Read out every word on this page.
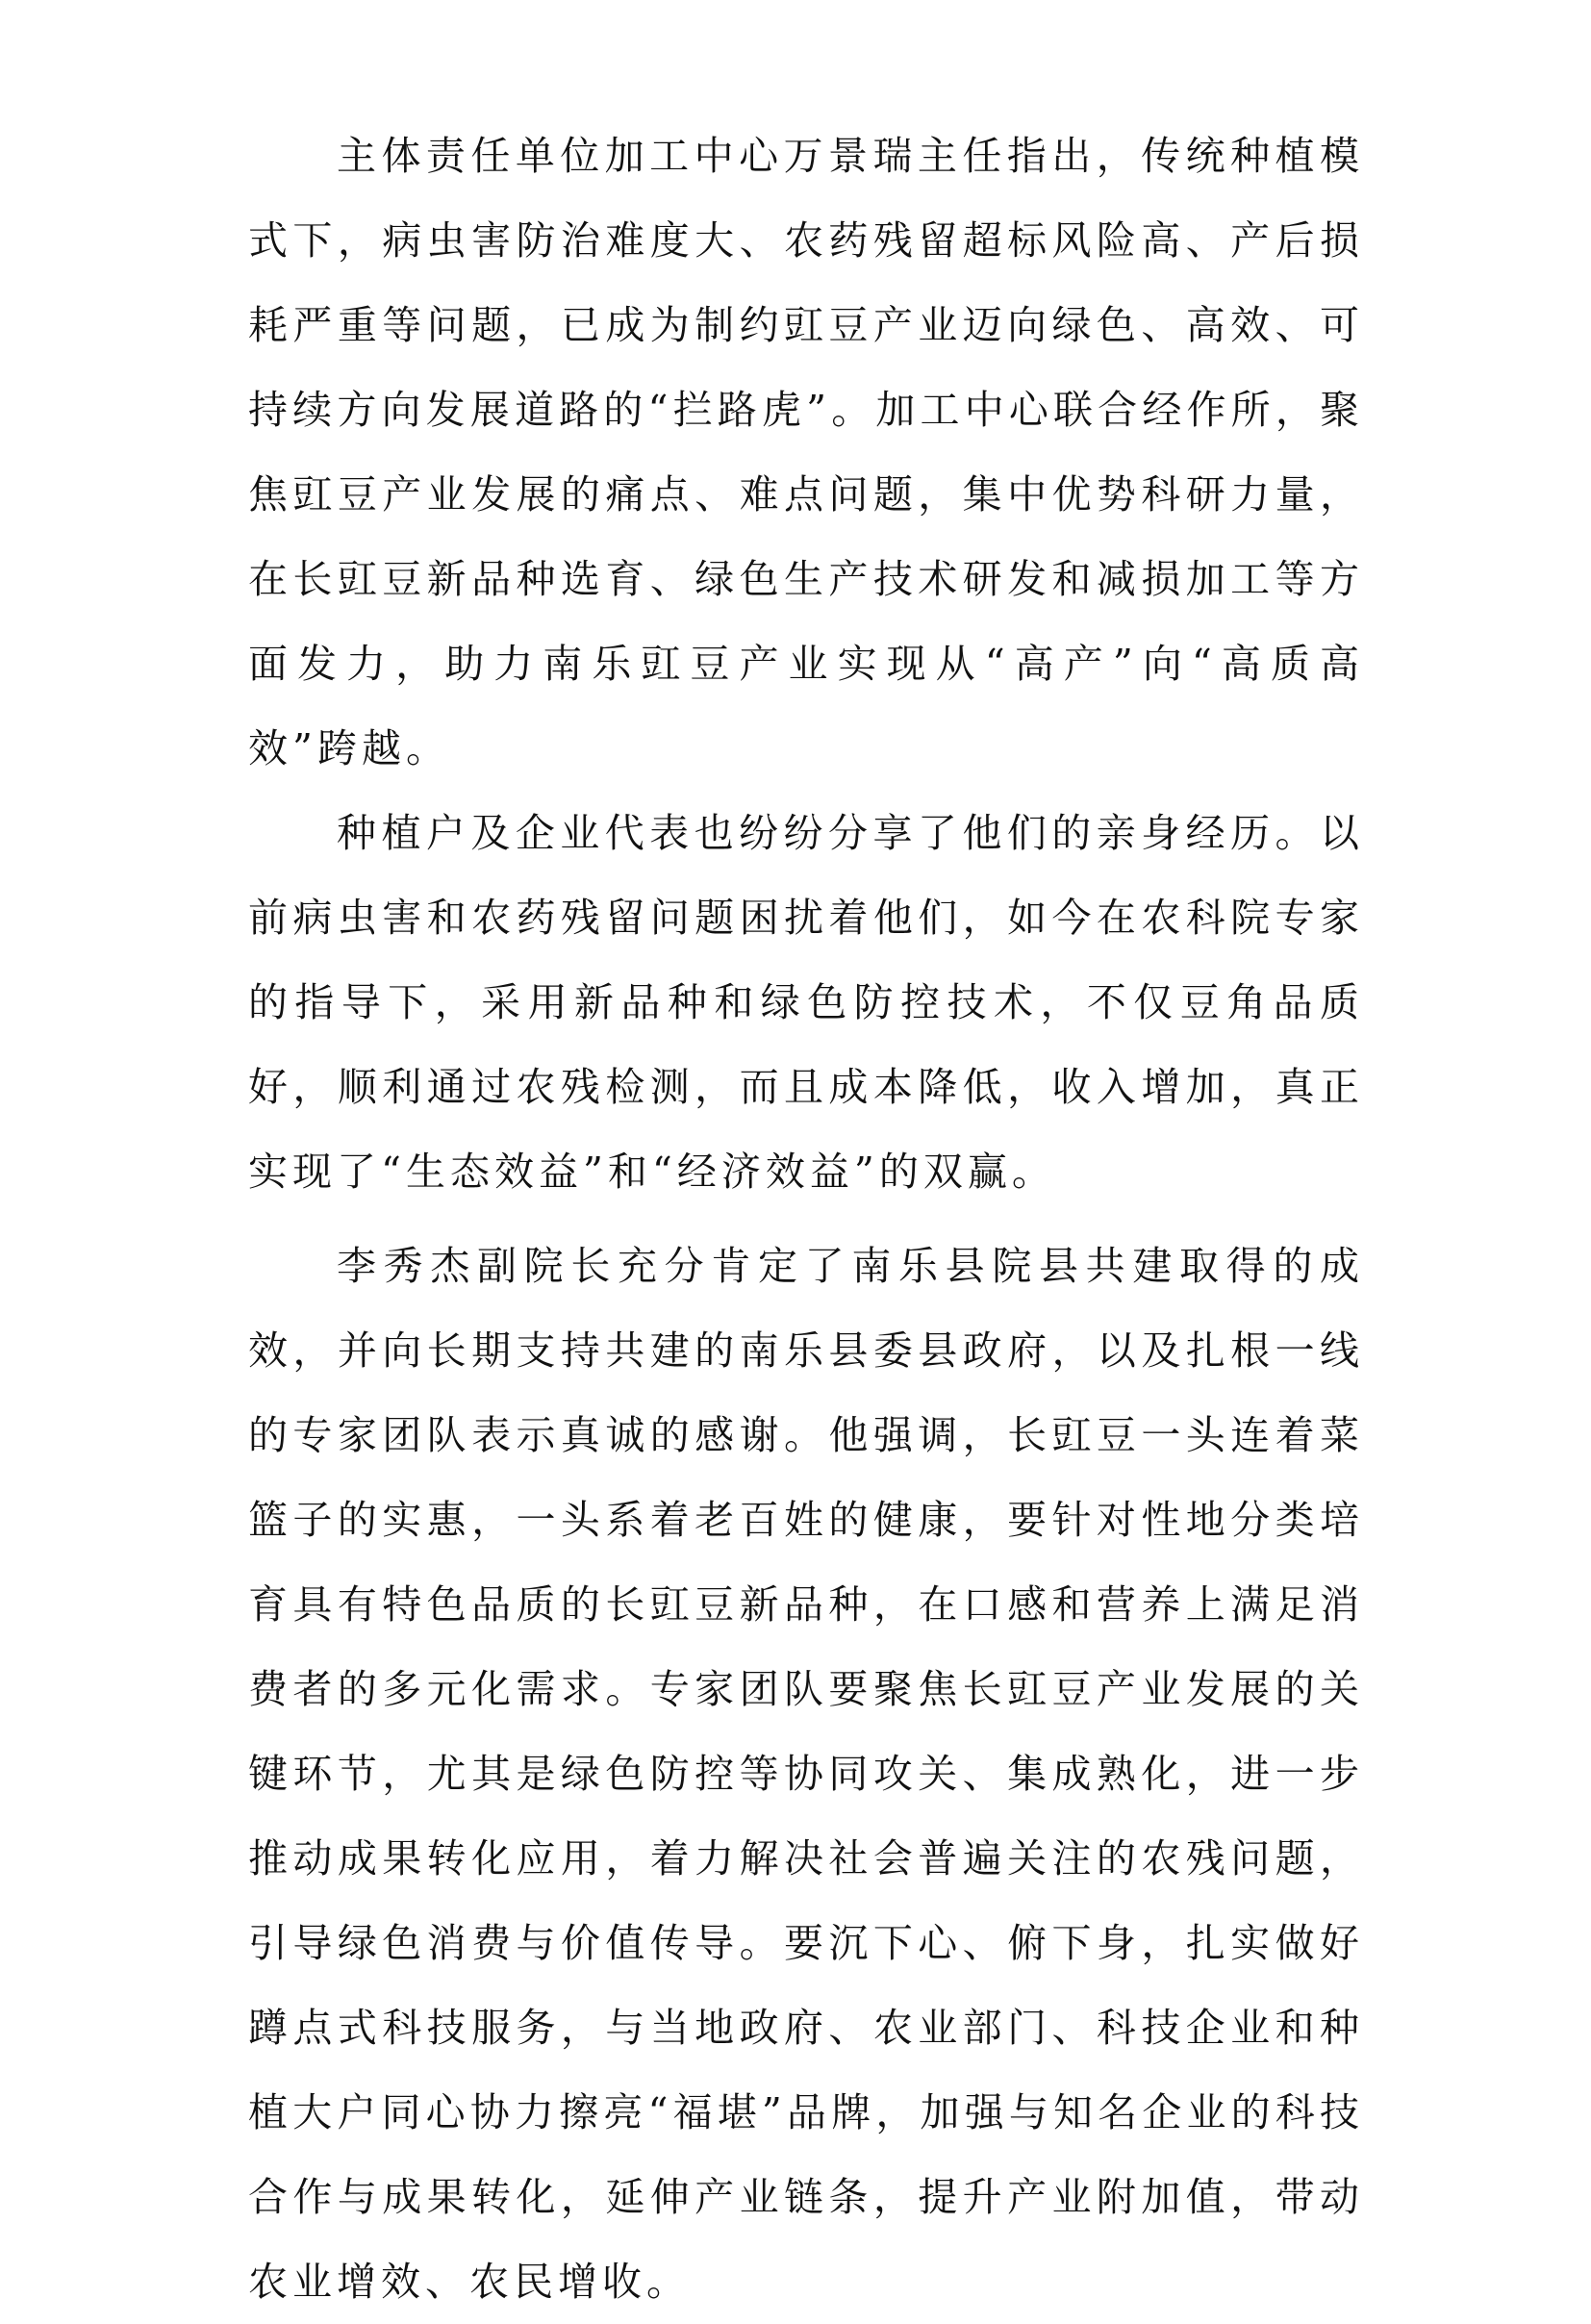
主体责任单位加工中心万景瑞主任指出，传统种植模式下，病虫害防治难度大、农药残留超标风险高、产后损耗严重等问题，已成为制约豇豆产业迈向绿色、高效、可持续方向发展道路的“拦路虎”。加工中心联合经作所，聚焦豇豆产业发展的痛点、难点问题，集中优势科研力量，在长豇豆新品种选育、绿色生产技术研发和减损加工等方面发力，助力南乐豇豆产业实现从“高产”向“高质高效”跨越。

种植户及企业代表也纷纷分享了他们的亲身经历。以前病虫害和农药残留问题困扰着他们，如今在农科院专家的指导下，采用新品种和绿色防控技术，不仅豆角品质好，顺利通过农残检测，而且成本降低，收入增加，真正实现了“生态效益”和“经济效益”的双赢。

李秀杰副院长充分肯定了南乐县院县共建取得的成效，并向长期支持共建的南乐县委县政府，以及扎根一线的专家团队表示真诚的感谢。他强调，长豇豆一头连着菜篮子的实惠，一头系着老百姓的健康，要针对性地分类培育具有特色品质的长豇豆新品种，在口感和营养上满足消费者的多元化需求。专家团队要聚焦长豇豆产业发展的关键环节，尤其是绿色防控等协同攻关、集成熟化，进一步推动成果转化应用，着力解决社会普遍关注的农残问题，引导绿色消费与价值传导。要沉下心、俯下身，扎实做好蹲点式科技服务，与当地政府、农业部门、科技企业和种植大户同心协力擦亮“福堪”品牌，加强与知名企业的科技合作与成果转化，延伸产业链条，提升产业附加值，带动农业增效、农民增收。
